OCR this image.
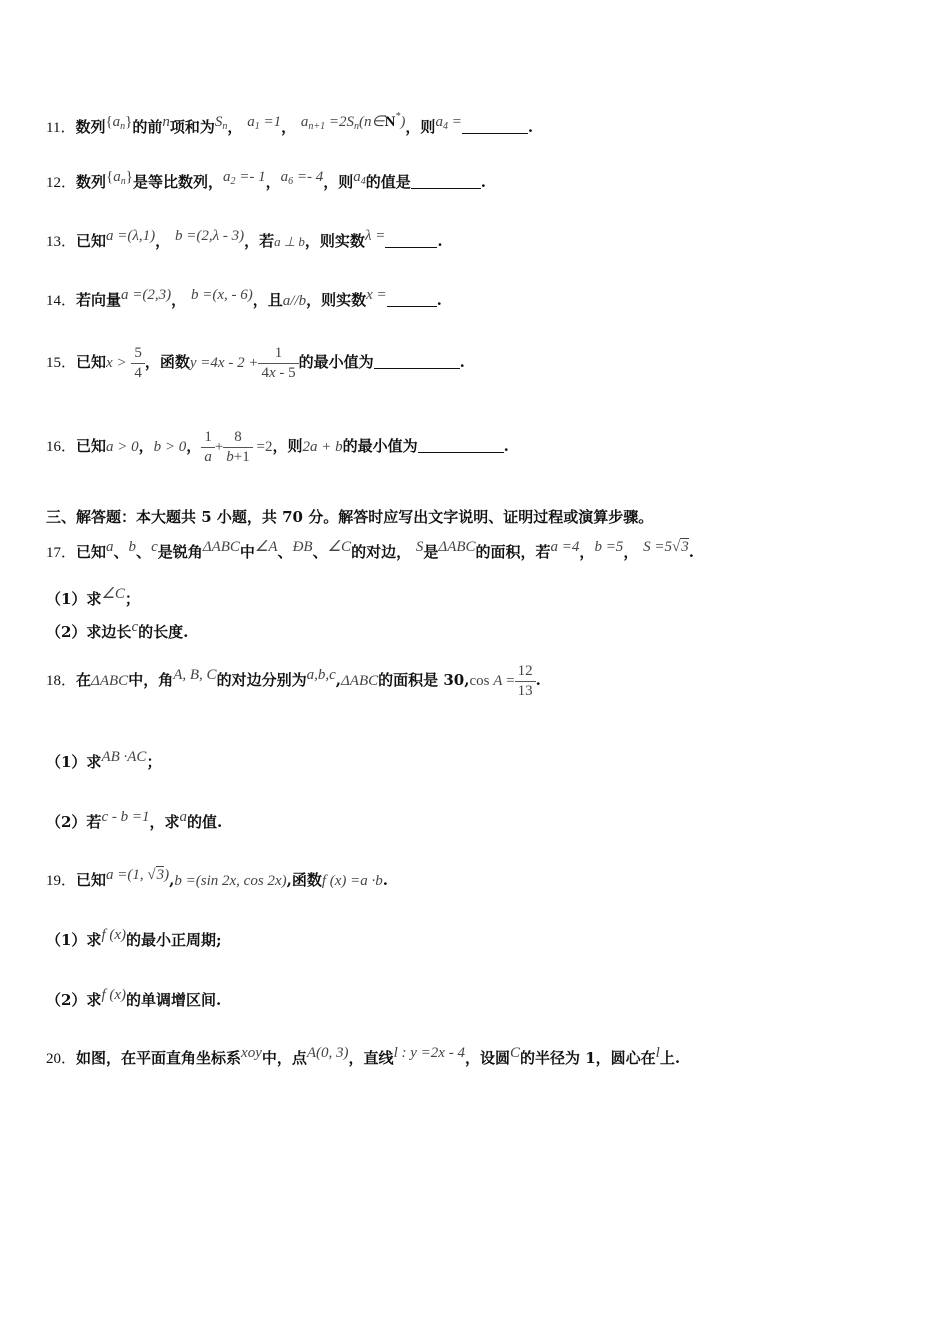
11．数列$\{a_n\}$的前n项和为$S_n$， $a_1 =1$， $a_{n+1}$ $=2S_n(n\in N^*)$，则$a_4$ =	.
12．数列$\{a_n\}$是等比数列，$a_2 =- 1$，$a_6 =- 4$，则$a_4$的值是	.
13．已知a =(λ,1)， b =(2,λ - 3)，若a ⊥ b，则实数λ =	.
14．若向量a =(2,3)， b =(x, - 6)，且a//b，则实数x =	.
15．已知$x > \frac{5}{4}$ ，函数$y =4x - 2 + \frac{1}{4x - 5}$ 的最小值为	.
16．已知a > 0，b > 0， $\frac{1}{a} + \frac{8}{b+1} =2$，则2a + b的最小值为	.
三、解答题：本大题共 5 小题，共 70 分。解答时应写出文字说明、证明过程或演算步骤。
17．已知a、b、c是锐角ΔABC中∠A、ÐB、∠C的对边， S是ΔABC的面积，若a =4，b =5， S =5√3.
（1）求∠C；
（2）求边长c的长度.
18．在ΔABC中，角A, B, C的对边分别为a,b,c,ΔABC的面积是 30,cos $A = \frac{12}{13}$ .
（1）求AB ·AC；
（2）若c - b =1，求a的值.
19．已知a =(1, √3),b =(sin 2x, cos 2x),函数f (x) =a ·b.
（1）求f (x)的最小正周期;
（2）求f (x)的单调增区间.
20．如图，在平面直角坐标系xoy中，点A(0, 3)，直线l : y =2x - 4，设圆C的半径为 1，圆心在l上.
